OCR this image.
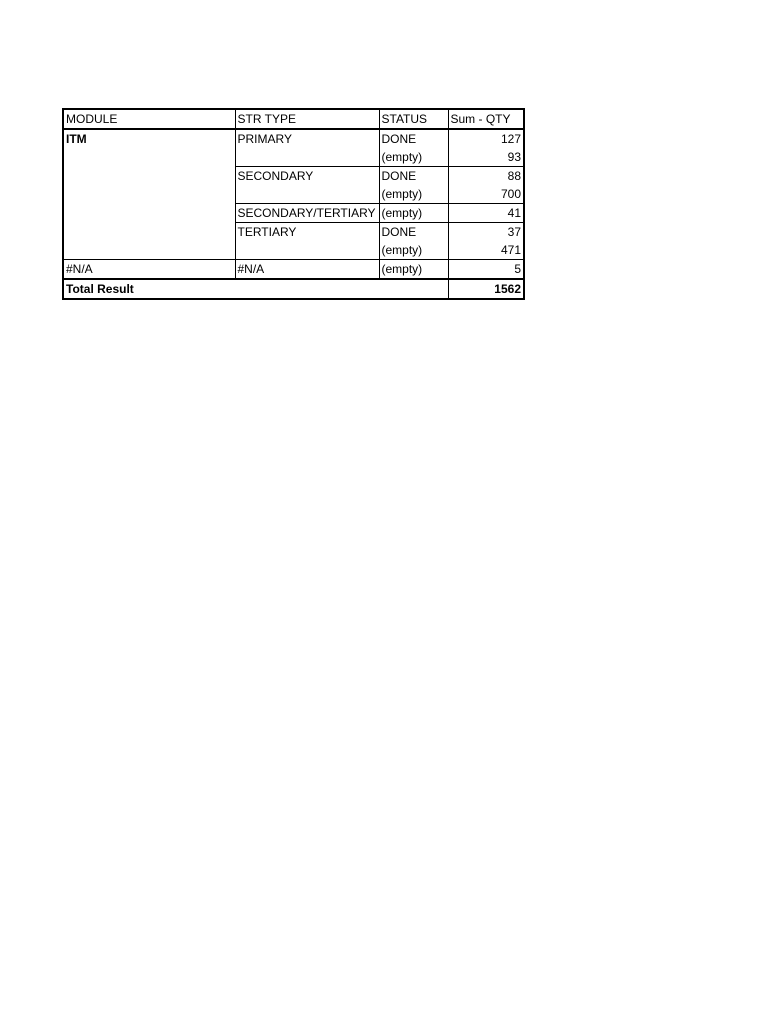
MODULE	STR TYPE	STATUS	Sum - QTY
ITM	PRIMARY	DONE	127
		(empty)	93
	SECONDARY	DONE	88
		(empty)	700
	SECONDARY/TERTIARY	(empty)	41
	TERTIARY	DONE	37
		(empty)	471
#N/A	#N/A	(empty)	5
Total Result			1562
